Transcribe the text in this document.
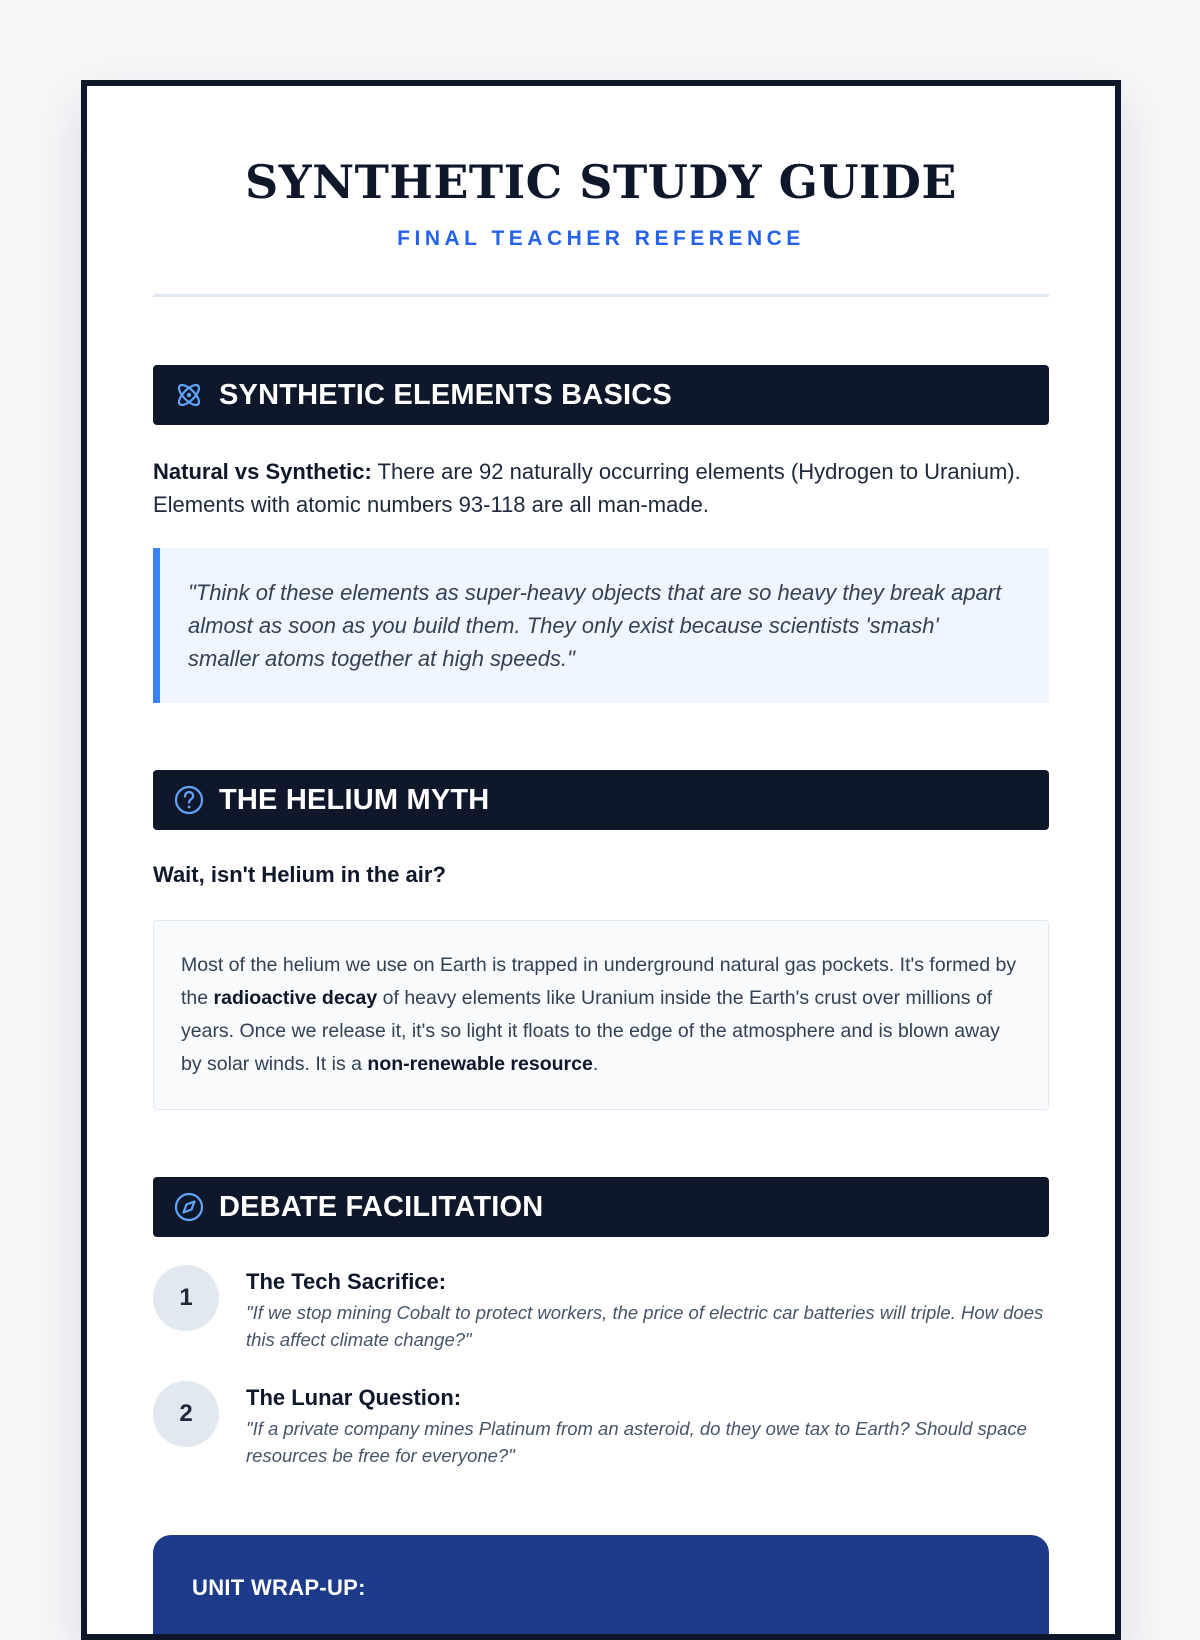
SYNTHETIC STUDY GUIDE
FINAL TEACHER REFERENCE
SYNTHETIC ELEMENTS BASICS

Natural vs Synthetic: There are 92 naturally occurring elements (Hydrogen to Uranium). Elements with atomic numbers 93-118 are all man-made.

"Think of these elements as super-heavy objects that are so heavy they break apart almost as soon as you build them. They only exist because scientists 'smash' smaller atoms together at high speeds."
THE HELIUM MYTH
Wait, isn't Helium in the air?
Most of the helium we use on Earth is trapped in underground natural gas pockets. It's formed by the radioactive decay of heavy elements like Uranium inside the Earth's crust over millions of years. Once we release it, it's so light it floats to the edge of the atmosphere and is blown away by solar winds. It is a non-renewable resource.
DEBATE FACILITATION
1
The Tech Sacrifice:
"If we stop mining Cobalt to protect workers, the price of electric car batteries will triple. How does this affect climate change?"
2
The Lunar Question:
"If a private company mines Platinum from an asteroid, do they owe tax to Earth? Should space resources be free for everyone?"
UNIT WRAP-UP:
